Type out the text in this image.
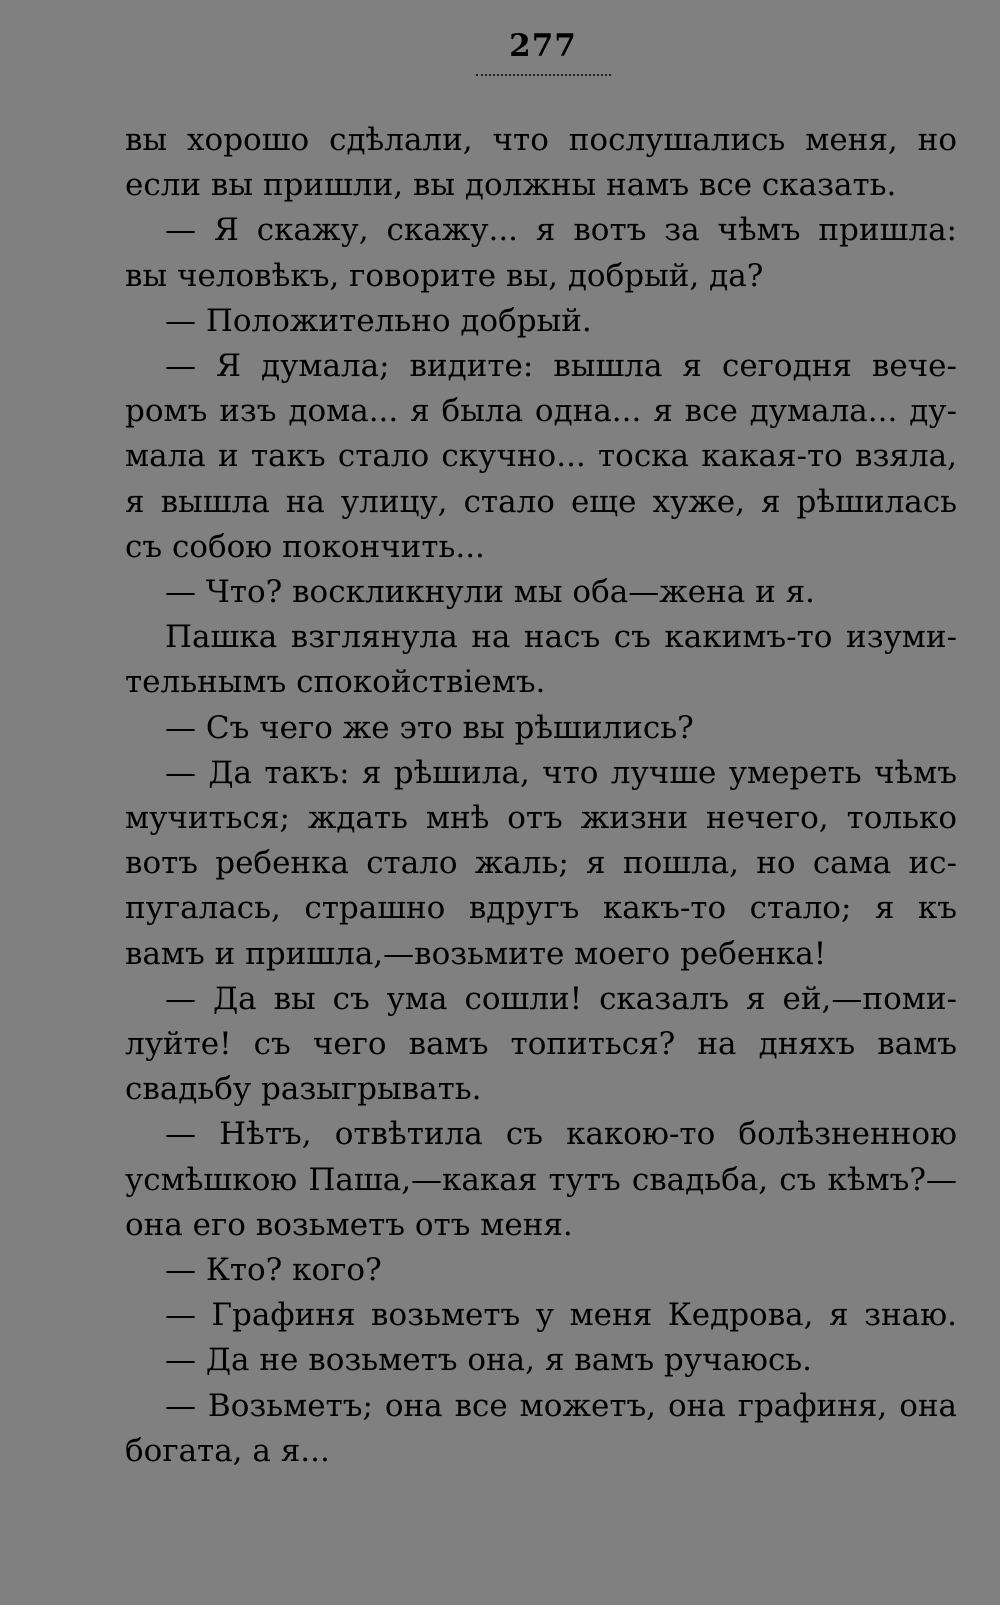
277
вы хорошо сдѣлали, что послушались меня, но
если вы пришли, вы должны намъ все сказать.
— Я скажу, скажу... я вотъ за чѣмъ пришла:
вы человѣкъ, говорите вы, добрый, да?
— Положительно добрый.
— Я думала; видите: вышла я сегодня вече-
ромъ изъ дома... я была одна... я все думала... ду-
мала и такъ стало скучно... тоска какая-то взяла,
я вышла на улицу, стало еще хуже, я рѣшилась
съ собою покончить...
— Что? воскликнули мы оба—жена и я.
Пашка взглянула на насъ съ какимъ-то изуми-
тельнымъ спокойствіемъ.
— Съ чего же это вы рѣшились?
— Да такъ: я рѣшила, что лучше умереть чѣмъ
мучиться; ждать мнѣ отъ жизни нечего, только
вотъ ребенка стало жаль; я пошла, но сама ис-
пугалась, страшно вдругъ какъ-то стало; я къ
вамъ и пришла,—возьмите моего ребенка!
— Да вы съ ума сошли! сказалъ я ей,—поми-
луйте! съ чего вамъ топиться? на дняхъ вамъ
свадьбу разыгрывать.
— Нѣтъ, отвѣтила съ какою-то болѣзненною
усмѣшкою Паша,—какая тутъ свадьба, съ кѣмъ?—
она его возьметъ отъ меня.
— Кто? кого?
— Графиня возьметъ у меня Кедрова, я знаю.
— Да не возьметъ она, я вамъ ручаюсь.
— Возьметъ; она все можетъ, она графиня, она
богата, а я...
